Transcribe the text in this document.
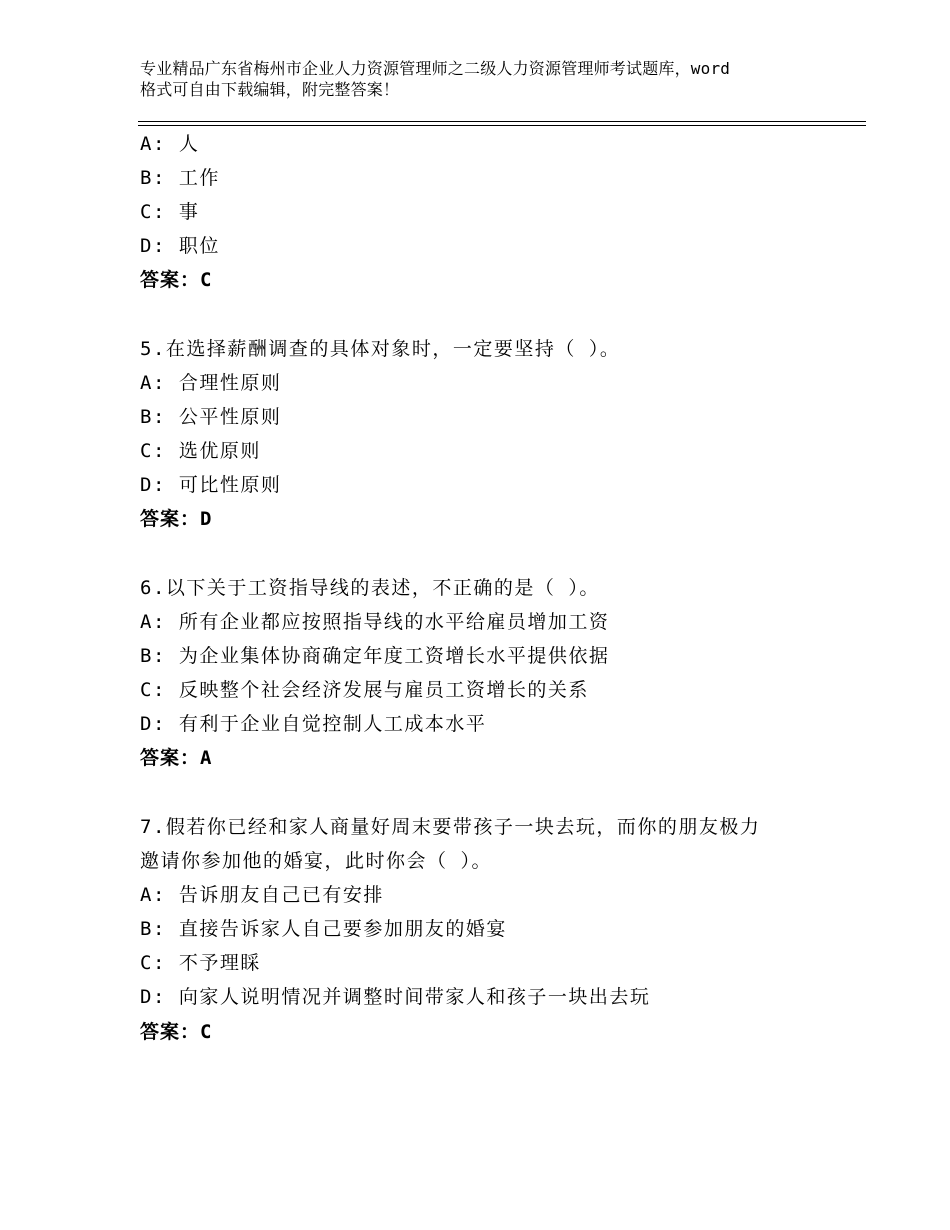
专业精品广东省梅州市企业人力资源管理师之二级人力资源管理师考试题库，word
格式可自由下载编辑，附完整答案！
A: 人
B: 工作
C: 事
D: 职位
答案：C
5.在选择薪酬调查的具体对象时，一定要坚持（ ）。
A: 合理性原则
B: 公平性原则
C: 选优原则
D: 可比性原则
答案：D
6.以下关于工资指导线的表述，不正确的是（ ）。
A: 所有企业都应按照指导线的水平给雇员增加工资
B: 为企业集体协商确定年度工资增长水平提供依据
C: 反映整个社会经济发展与雇员工资增长的关系
D: 有利于企业自觉控制人工成本水平
答案：A
7.假若你已经和家人商量好周末要带孩子一块去玩，而你的朋友极力
邀请你参加他的婚宴，此时你会（ ）。
A: 告诉朋友自己已有安排
B: 直接告诉家人自己要参加朋友的婚宴
C: 不予理睬
D: 向家人说明情况并调整时间带家人和孩子一块出去玩
答案：C
